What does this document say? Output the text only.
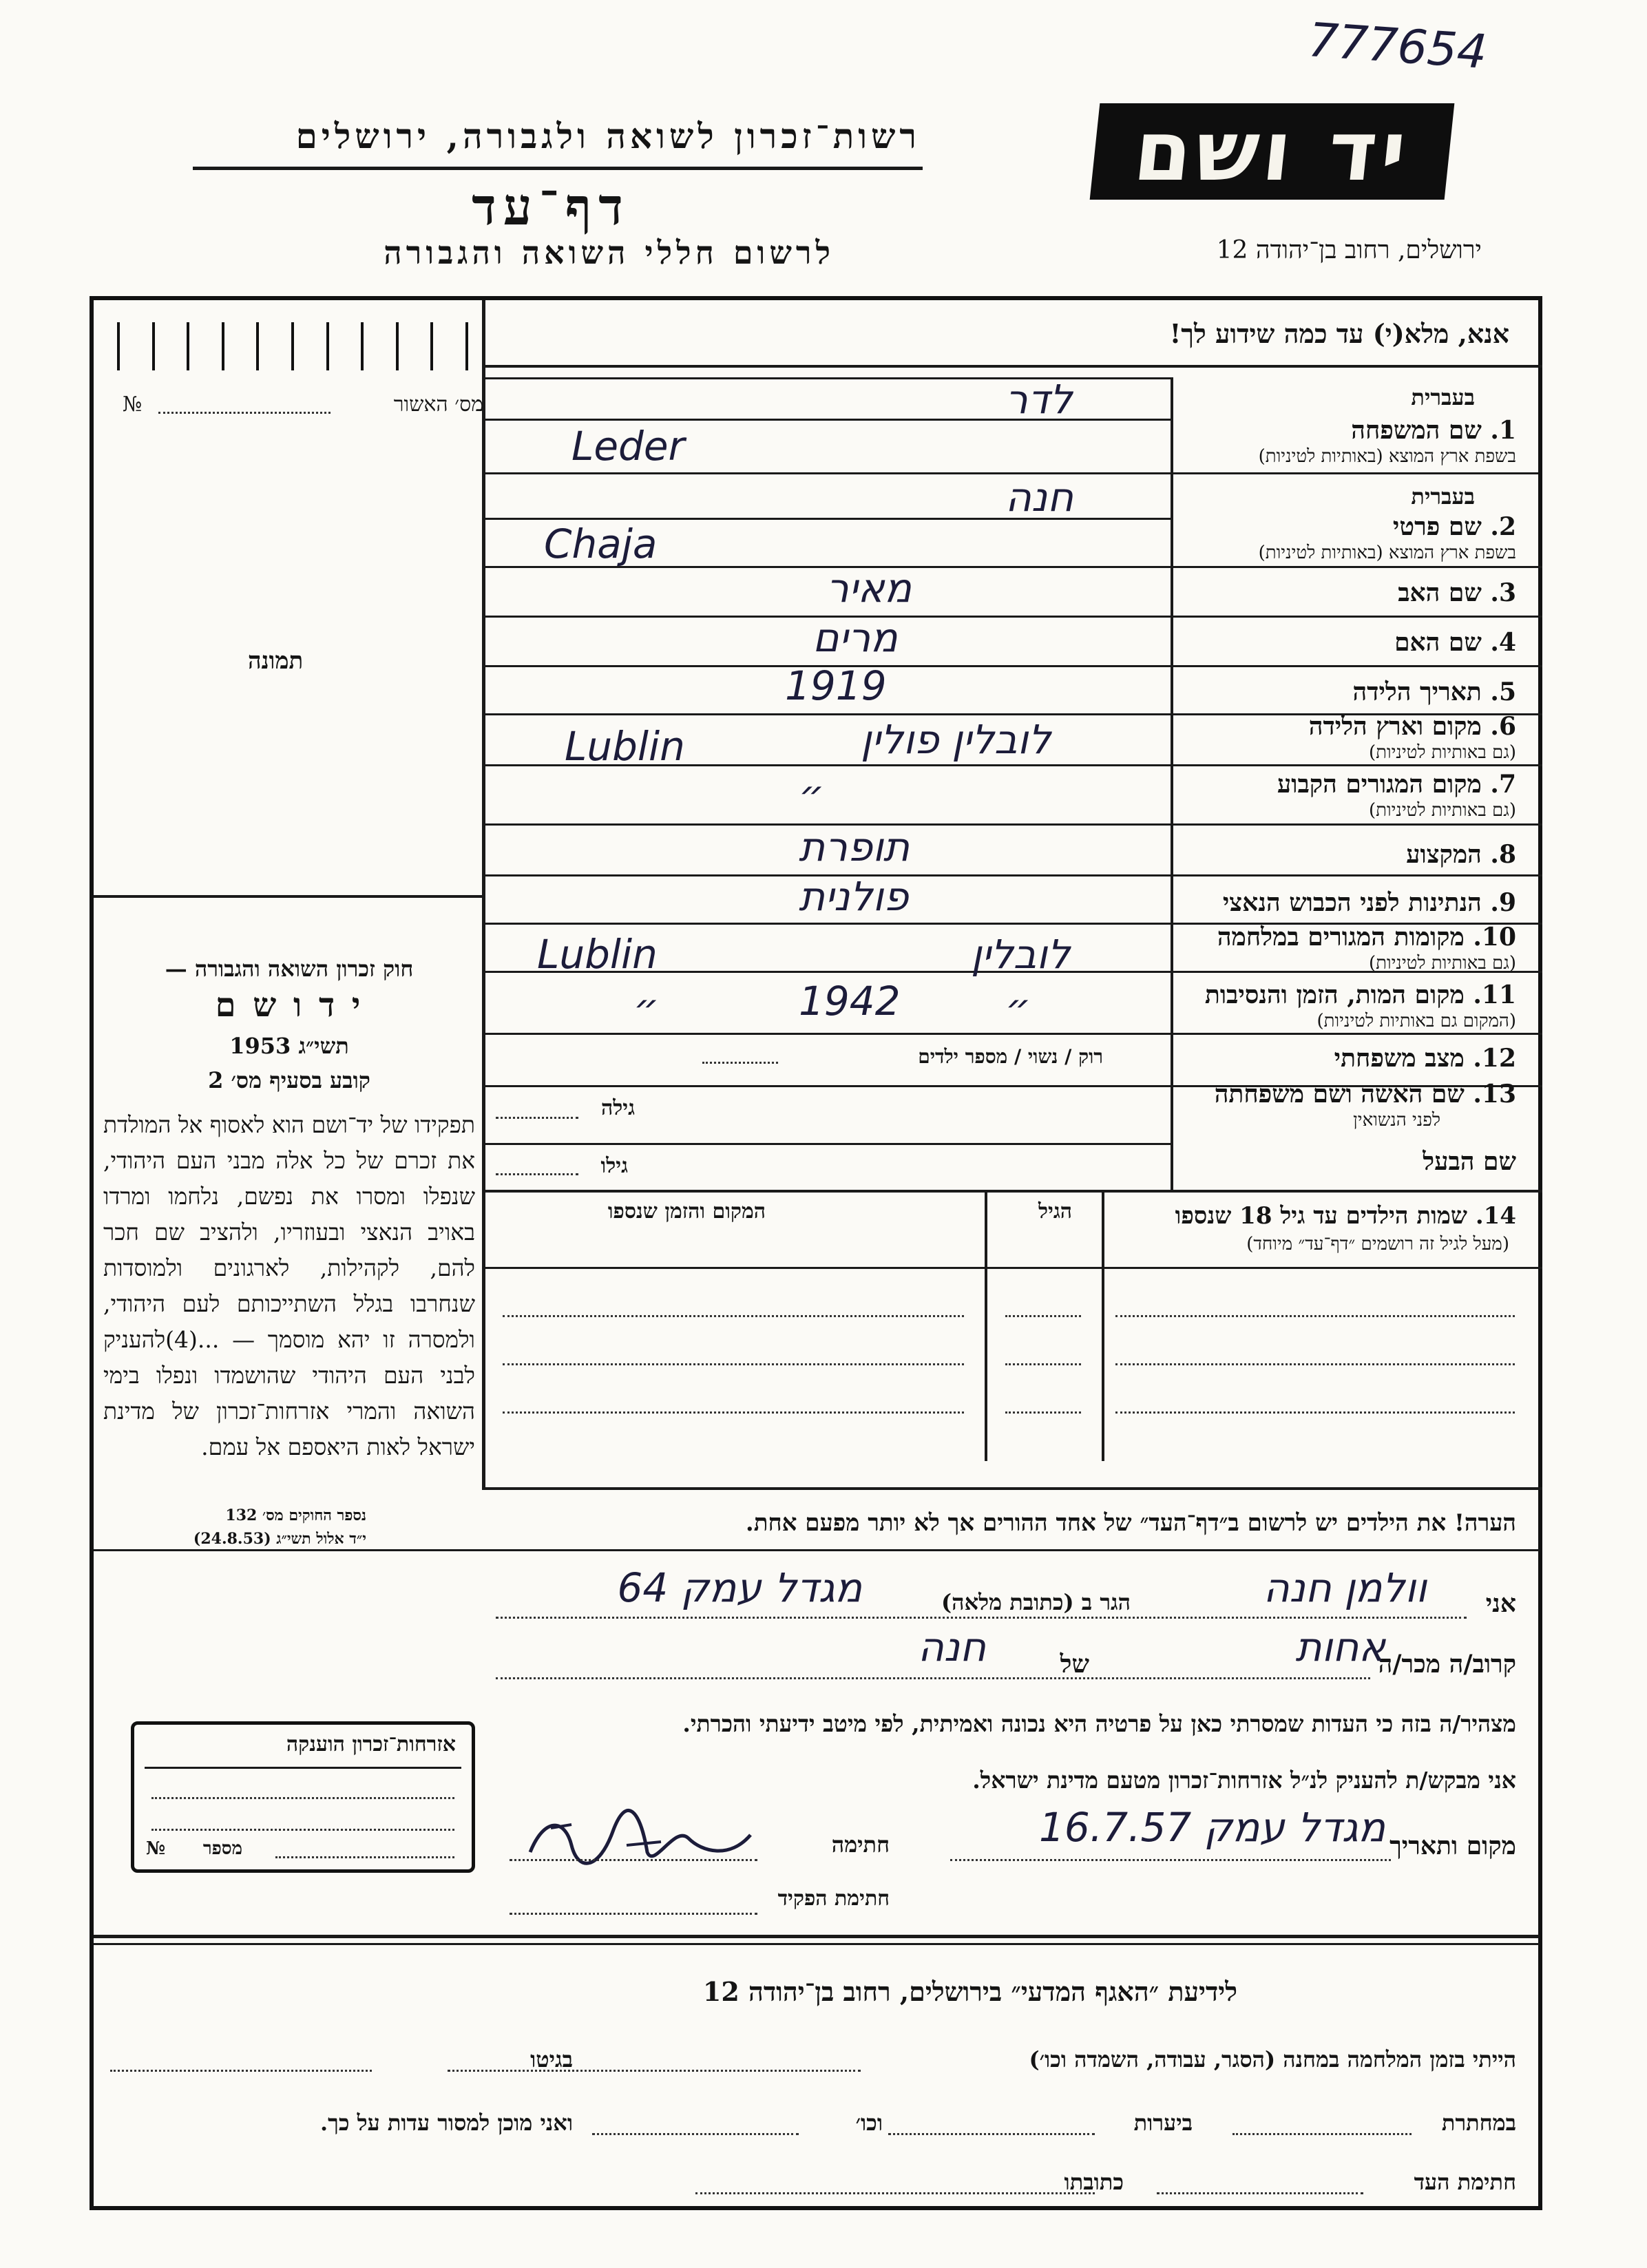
777654
יד ושם
רשות־זכרון לשואה ולגבורה, ירושלים
דף־עד
לרשום חללי השואה והגבורה	ירושלים, רחוב בן־יהודה 12
אנא, מלא(י) עד כמה שידוע לך!
מס׳ האשור
№
תמונה
חוק זכרון השואה והגבורה —
י ד ו ש ם
תשי״ג 1953
קובע בסעיף מס׳ 2
תפקידו של יד־ושם הוא לאסוף אל המולדת את זכרם של כל אלה מבני העם היהודי, שנפלו ומסרו את נפשם, נלחמו ומרדו באויב הנאצי ובעוזריו, ולהציב שם חכר להם, לקהילות, לארגונים ולמוסדות שנחרבו בגלל השתייכותם לעם היהודי, ולמסרה זו יהא מוסמך — ...(4)להעניק לבני העם היהודי שהושמדו ונפלו בימי השואה והמרי אזרחות־זכרון של מדינת ישראל לאות היאספם אל עמם.
נספר החוקים מס׳ 132
י״ד אלול תשי״ג (24.8.53)
בעברית
1. שם המשפחה
בשפת ארץ המוצא (באותיות לטיניות)
לדר
Leder
בעברית
2. שם פרטי
בשפת ארץ המוצא (באותיות לטיניות)
חנה
Chaja
3. שם האב
מאיר
4. שם האם
מרים
5. תאריך הלידה
1919
6. מקום וארץ הלידה
(גם באותיות לטיניות)
לובלין פולין
Lublin
7. מקום המגורים הקבוע
(גם באותיות לטיניות)
״
8. המקצוע
תופרת
9. הנתינות לפני הכבוש הנאצי
פולנית
10. מקומות המגורים במלחמה
(גם באותיות לטיניות)
לובלין
Lublin
11. מקום המות, הזמן והנסיבות
(המקום גם באותיות לטיניות)
1942
״	״
12. מצב משפחתי
רוק / נשוי / מספר ילדים
13. שם האשה ושם משפחתה
לפני הנשואין
גילה
שם הבעל
גילו
14. שמות הילדים עד גיל 18 שנספו
(מעל לגיל זה רושמים ״דף־עד״ מיוחד)
הגיל
המקום והזמן שנספו
הערה! את הילדים יש לרשום ב״דף־העד״ של אחד ההורים אך לא יותר מפעם אחת.
אני
וולמן חנה
הגר ב (כתובת מלאה)
מגדל עמק 64
קרוב/ה מכר/ה
אחות
של
חנה
מצהיר/ה בזה כי העדות שמסרתי כאן על פרטיה היא נכונה ואמיתית, לפי מיטב ידיעתי והכרתי.
אני מבקש/ת להעניק לנ״ל אזרחות־זכרון מטעם מדינת ישראל.
מקום ותאריך
מגדל עמק 16.7.57
חתימה
חתימת הפקיד
אזרחות־זכרון הוענקה
מספר
№
לידיעת ״האגף המדעי״ בירושלים, רחוב בן־יהודה 12
הייתי בזמן המלחמה במחנה (הסגר, עבודה, השמדה וכו׳)
בגיטו
במחתרת
ביערות
וכו׳
ואני מוכן למסור עדות על כך.
חתימת העד
כתובתו
